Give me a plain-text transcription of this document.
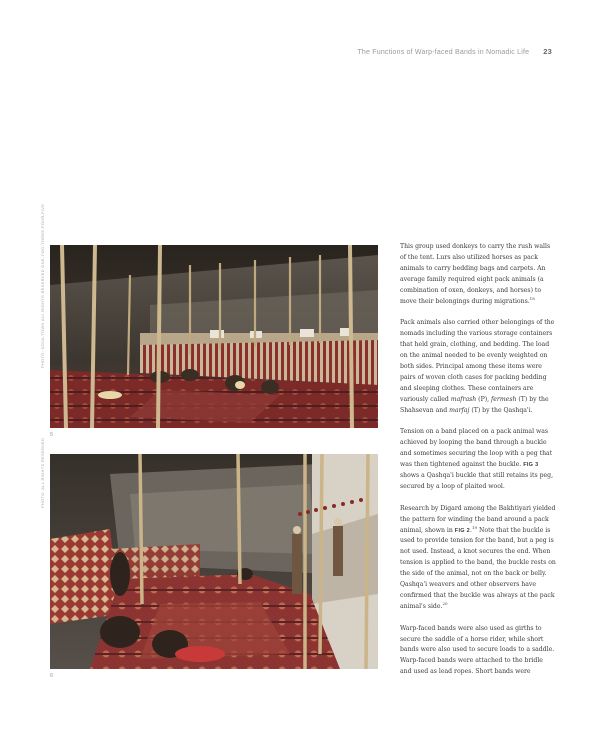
The Functions of Warp-faced Bands in Nomadic Life 23
PHOTO: NOVA-TOWN ALL RIGHTS RESERVED ONE-TWO-THREE-FOUR-FIVE
5
PHOTO: ALL RIGHTS RESERVED
6

This group used donkeys to carry the rush walls of the tent. Lurs also utilized horses as pack animals to carry bedding bags and carpets. An average family required eight pack animals (a combination of oxen, donkeys, and horses) to move their belongings during migrations.$^{18}$

Pack animals also carried other belongings of the nomads including the various storage containers that held grain, clothing, and bedding. The load on the animal needed to be evenly weighted on both sides. Principal among these items were pairs of woven cloth cases for packing bedding and sleeping clothes. These containers are variously called mafrash (P), fermesh (T) by the Shahsevan and marfaj (T) by the Qashqa'i.

Tension on a band placed on a pack animal was achieved by looping the band through a buckle and sometimes securing the loop with a peg that was then tightened against the buckle. FIG 3 shows a Qashqa'i buckle that still retains its peg, secured by a loop of plaited wool.

Research by Digard among the Bakhtiyari yielded the pattern for winding the band around a pack animal, shown in FIG 2.19 Note that the buckle is used to provide tension for the band, but a peg is not used. Instead, a knot secures the end. When tension is applied to the band, the buckle rests on the side of the animal, not on the back or belly. Qashqa'i weavers and other observers have confirmed that the buckle was always at the pack animal's side.$^{20}$

Warp-faced bands were also used as girths to secure the saddle of a horse rider, while short bands were also used to secure loads to a saddle. Warp-faced bands were attached to the bridle and used as lead ropes. Short bands were
